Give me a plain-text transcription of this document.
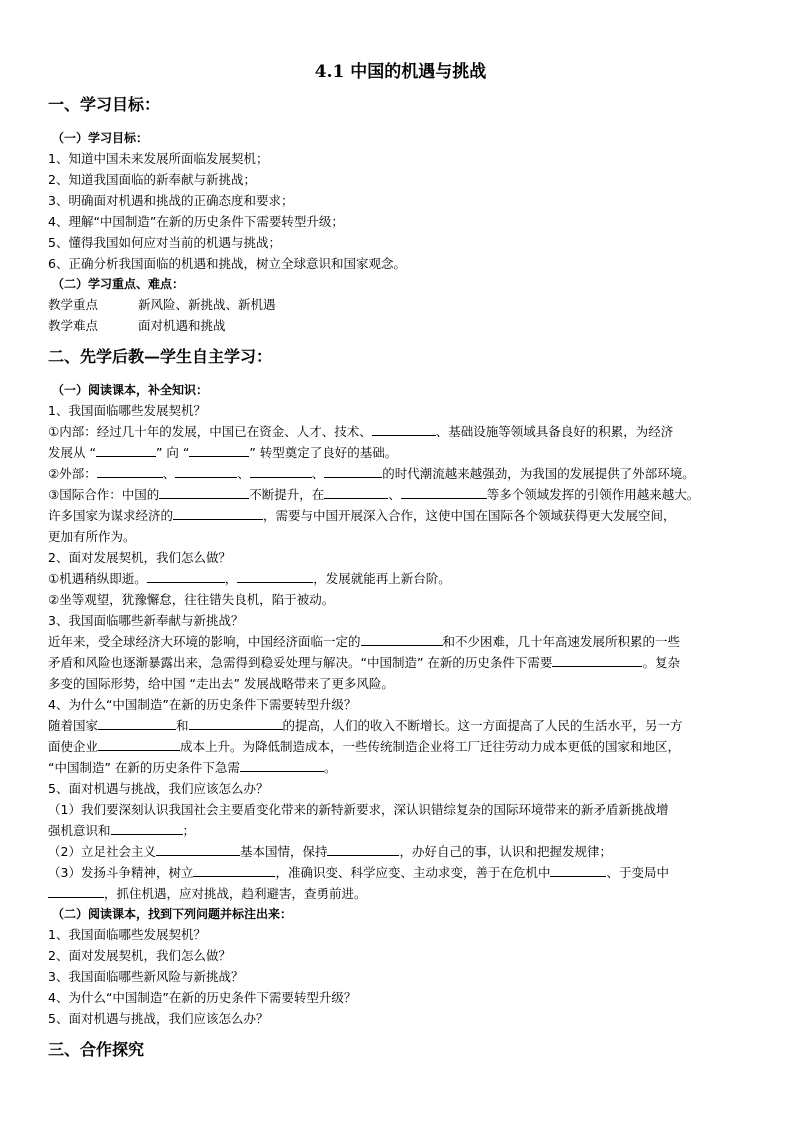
4.1 中国的机遇与挑战
一、学习目标：
（一）学习目标：
1、知道中国未来发展所面临发展契机；
2、知道我国面临的新奉献与新挑战；
3、明确面对机遇和挑战的正确态度和要求；
4、理解“中国制造”在新的历史条件下需要转型升级；
5、懂得我国如何应对当前的机遇与挑战；
6、正确分析我国面临的机遇和挑战，树立全球意识和国家观念。
（二）学习重点、难点：
教学重点	新风险、新挑战、新机遇
教学难点	面对机遇和挑战
二、先学后教—学生自主学习：
（一）阅读课本，补全知识：
1、我国面临哪些发展契机？
①内部：经过几十年的发展，中国已在资金、人才、技术、	、基础设施等领域具备良好的积累，为经济
发展从 “	” 向 “	” 转型奠定了良好的基础。
②外部：	、	、	、	的时代潮流越来越强劲，为我国的发展提供了外部环境。
③国际合作：中国的	不断提升，在	、	等多个领域发挥的引领作用越来越大。
许多国家为谋求经济的	，需要与中国开展深入合作，这使中国在国际各个领域获得更大发展空间，
更加有所作为。
2、面对发展契机，我们怎么做？
①机遇稍纵即逝。	，	，发展就能再上新台阶。
②坐等观望，犹豫懈怠，往往错失良机，陷于被动。
3、我国面临哪些新奉献与新挑战？
近年来，受全球经济大环境的影响，中国经济面临一定的	和不少困难，几十年高速发展所积累的一些
矛盾和风险也逐渐暴露出来，急需得到稳妥处理与解决。“中国制造” 在新的历史条件下需要	。复杂
多变的国际形势，给中国 “走出去” 发展战略带来了更多风险。
4、为什么“中国制造”在新的历史条件下需要转型升级？
随着国家	和	的提高，人们的收入不断增长。这一方面提高了人民的生活水平，另一方
面使企业	成本上升。为降低制造成本，一些传统制造企业将工厂迁往劳动力成本更低的国家和地区，
“中国制造” 在新的历史条件下急需	。
5、面对机遇与挑战，我们应该怎么办？
（1）我们要深刻认识我国社会主要盾变化带来的新特新要求，深认识错综复杂的国际环境带来的新矛盾新挑战增
强机意识和	；
（2）立足社会主义	基本国情，保持	，办好自己的事，认识和把握发规律；
（3）发扬斗争精神，树立	，准确识变、科学应变、主动求变，善于在危机中	、于变局中
，抓住机遇，应对挑战，趋利避害，查勇前进。
（二）阅读课本，找到下列问题并标注出来：
1、我国面临哪些发展契机？
2、面对发展契机，我们怎么做？
3、我国面临哪些新风险与新挑战？
4、为什么“中国制造”在新的历史条件下需要转型升级？
5、面对机遇与挑战，我们应该怎么办？
三、合作探究
